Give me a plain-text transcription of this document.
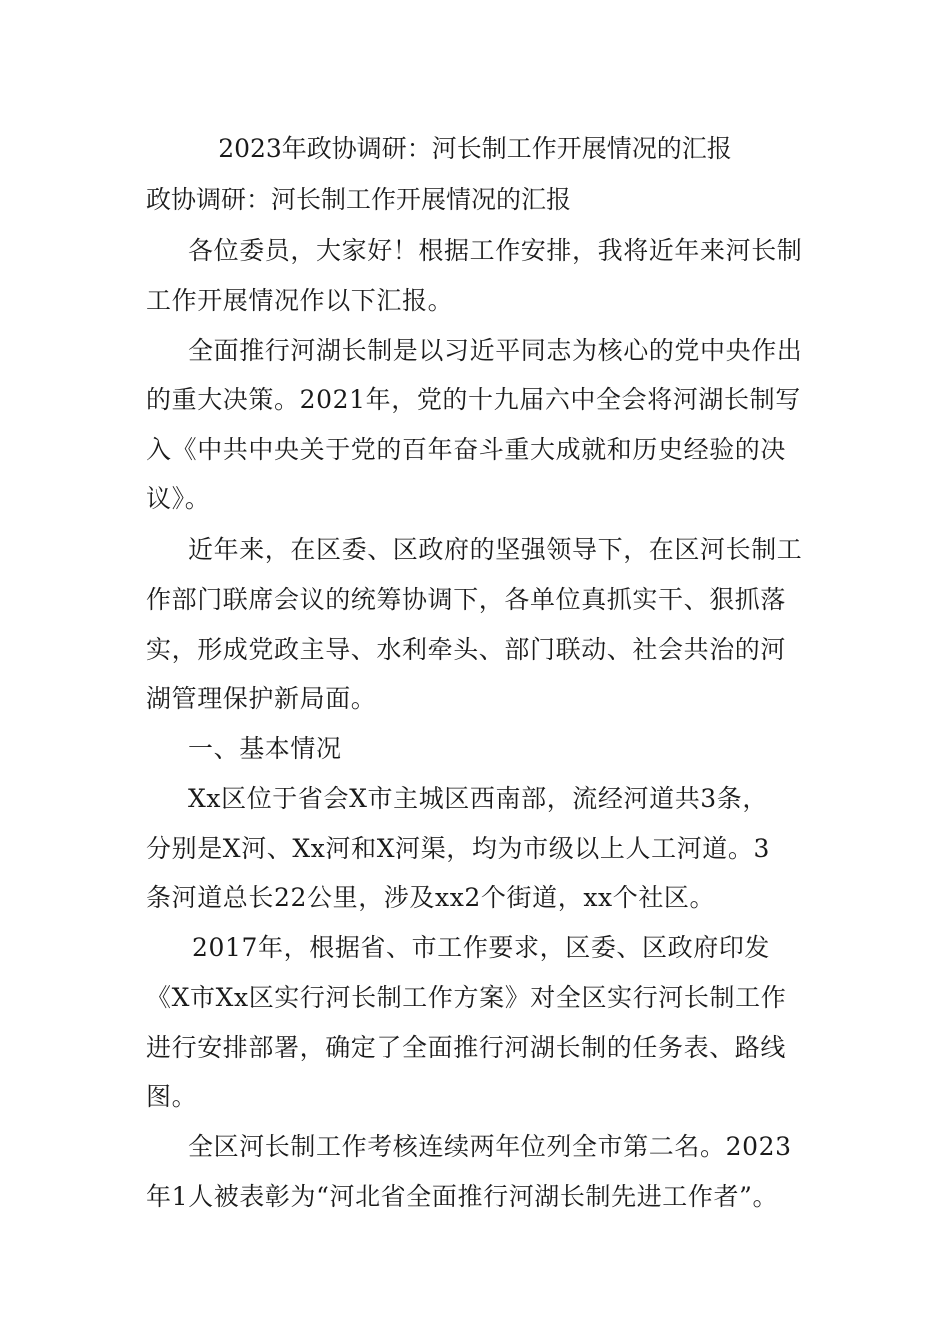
2023年政协调研：河长制工作开展情况的汇报
政协调研：河长制工作开展情况的汇报
各位委员，大家好！根据工作安排，我将近年来河长制
工作开展情况作以下汇报。
全面推行河湖长制是以习近平同志为核心的党中央作出
的重大决策。2021年，党的十九届六中全会将河湖长制写
入《中共中央关于党的百年奋斗重大成就和历史经验的决
议》。
近年来，在区委、区政府的坚强领导下，在区河长制工
作部门联席会议的统筹协调下，各单位真抓实干、狠抓落
实，形成党政主导、水利牵头、部门联动、社会共治的河
湖管理保护新局面。
一、基本情况
Xx区位于省会X市主城区西南部，流经河道共3条，
分别是X河、Xx河和X河渠，均为市级以上人工河道。3
条河道总长22公里，涉及xx2个街道，xx个社区。
2017年，根据省、市工作要求，区委、区政府印发
《X市Xx区实行河长制工作方案》对全区实行河长制工作
进行安排部署，确定了全面推行河湖长制的任务表、路线
图。
全区河长制工作考核连续两年位列全市第二名。2023
年1人被表彰为“河北省全面推行河湖长制先进工作者”。
